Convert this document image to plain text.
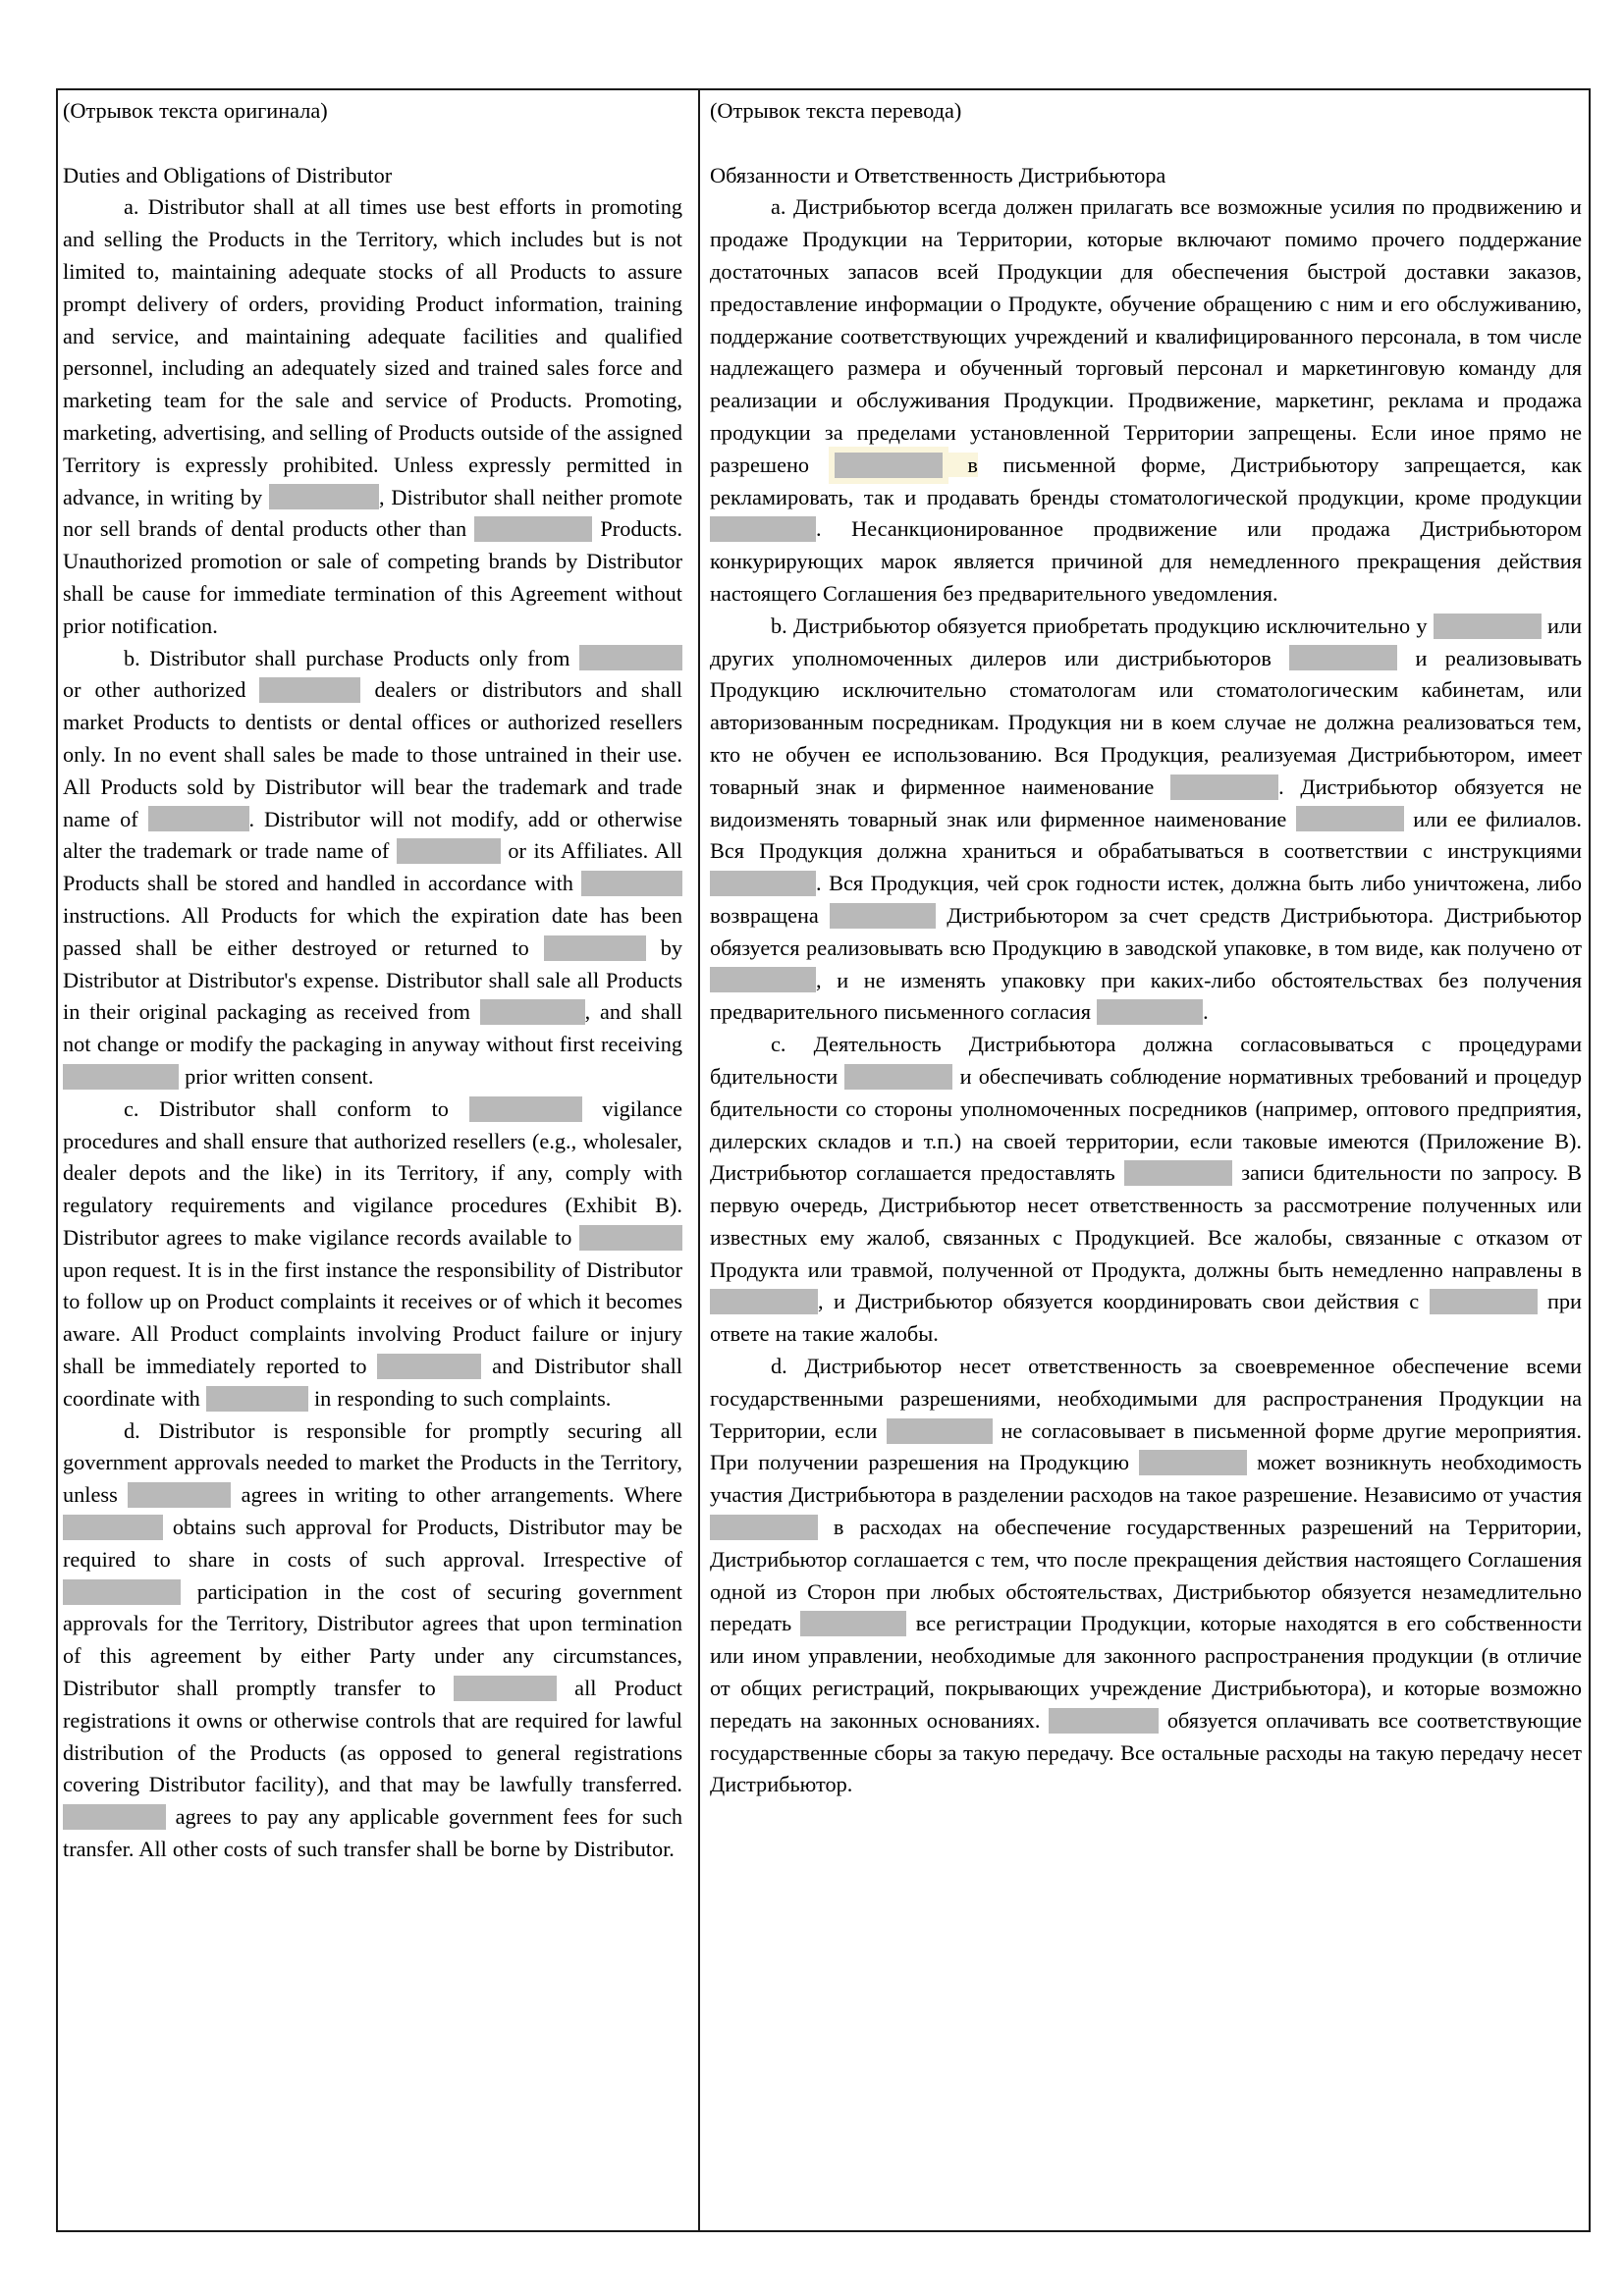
(Отрывок текста оригинала)

Duties and Obligations of Distributor

a. Distributor shall at all times use best efforts in promoting and selling the Products in the Territory, which includes but is not limited to, maintaining adequate stocks of all Products to assure prompt delivery of orders, providing Product information, training and service, and maintaining adequate facilities and qualified personnel, including an adequately sized and trained sales force and marketing team for the sale and service of Products. Promoting, marketing, advertising, and selling of Products outside of the assigned Territory is expressly prohibited. Unless expressly permitted in advance, in writing by	, Distributor shall neither promote nor sell brands of dental products other than	Products. Unauthorized promotion or sale of competing brands by Distributor shall be cause for immediate termination of this Agreement without prior notification.

b. Distributor shall purchase Products only from  or other authorized	dealers or distributors and shall market Products to dentists or dental offices or authorized resellers only. In no event shall sales be made to those untrained in their use. All Products sold by Distributor will bear the trademark and trade name of	. Distributor will not modify, add or otherwise alter the trademark or trade name of	or its Affiliates. All Products shall be stored and handled in accordance with  instructions. All Products for which the expiration date has been passed shall be either destroyed or returned to	by Distributor at Distributor's expense. Distributor shall sale all Products in their original packaging as received from	, and shall not change or modify the packaging in anyway without first receiving  prior written consent.

c. Distributor shall conform to	vigilance procedures and shall ensure that authorized resellers (e.g., wholesaler, dealer depots and the like) in its Territory, if any, comply with regulatory requirements and vigilance procedures (Exhibit B). Distributor agrees to make vigilance records available to  upon request. It is in the first instance the responsibility of Distributor to follow up on Product complaints it receives or of which it becomes aware. All Product complaints involving Product failure or injury shall be immediately reported to	and Distributor shall coordinate with	in responding to such complaints.

d. Distributor is responsible for promptly securing all government approvals needed to market the Products in the Territory, unless	agrees in writing to other arrangements. Where  obtains such approval for Products, Distributor may be required to share in costs of such approval. Irrespective of  participation in the cost of securing government approvals for the Territory, Distributor agrees that upon termination of this agreement by either Party under any circumstances, Distributor shall promptly transfer to	all Product registrations it owns or otherwise controls that are required for lawful distribution of the Products (as opposed to general registrations covering Distributor facility), and that may be lawfully transferred.  agrees to pay any applicable government fees for such transfer. All other costs of such transfer shall be borne by Distributor.

(Отрывок текста перевода)

Обязанности и Ответственность Дистрибьютора

a. Дистрибьютор всегда должен прилагать все возможные усилия по продвижению и продаже Продукции на Территории, которые включают помимо прочего поддержание достаточных запасов всей Продукции для обеспечения быстрой доставки заказов, предоставление информации о Продукте, обучение обращению с ним и его обслуживанию, поддержание соответствующих учреждений и квалифицированного персонала, в том числе надлежащего размера и обученный торговый персонал и маркетинговую команду для реализации и обслуживания Продукции. Продвижение, маркетинг, реклама и продажа продукции за пределами установленной Территории запрещены. Если иное прямо не разрешено	в письменной форме, Дистрибьютору запрещается, как рекламировать, так и продавать бренды стоматологической продукции, кроме продукции . Несанкционированное продвижение или продажа Дистрибьютором конкурирующих марок является причиной для немедленного прекращения действия настоящего Соглашения без предварительного уведомления.

b. Дистрибьютор обязуется приобретать продукцию исключительно у	или других уполномоченных дилеров или дистрибьюторов	и реализовывать Продукцию исключительно стоматологам или стоматологическим кабинетам, или авторизованным посредникам. Продукция ни в коем случае не должна реализоваться тем, кто не обучен ее использованию. Вся Продукция, реализуемая Дистрибьютором, имеет товарный знак и фирменное наименование	. Дистрибьютор обязуется не видоизменять товарный знак или фирменное наименование	или ее филиалов. Вся Продукция должна храниться и обрабатываться в соответствии с инструкциями . Вся Продукция, чей срок годности истек, должна быть либо уничтожена, либо возвращена	Дистрибьютором за счет средств Дистрибьютора. Дистрибьютор обязуется реализовывать всю Продукцию в заводской упаковке, в том виде, как получено от , и не изменять упаковку при каких-либо обстоятельствах без получения предварительного письменного согласия	.

c. Деятельность Дистрибьютора должна согласовываться с процедурами бдительности	и обеспечивать соблюдение нормативных требований и процедур бдительности со стороны уполномоченных посредников (например, оптового предприятия, дилерских складов и т.п.) на своей территории, если таковые имеются (Приложение B). Дистрибьютор соглашается предоставлять	записи бдительности по запросу. В первую очередь, Дистрибьютор несет ответственность за рассмотрение полученных или известных ему жалоб, связанных с Продукцией. Все жалобы, связанные с отказом от Продукта или травмой, полученной от Продукта, должны быть немедленно направлены в , и Дистрибьютор обязуется координировать свои действия с	при ответе на такие жалобы.

d. Дистрибьютор несет ответственность за своевременное обеспечение всеми государственными разрешениями, необходимыми для распространения Продукции на Территории, если	не согласовывает в письменной форме другие мероприятия. При получении разрешения на Продукцию	может возникнуть необходимость участия Дистрибьютора в разделении расходов на такое разрешение. Независимо от участия  в расходах на обеспечение государственных разрешений на Территории, Дистрибьютор соглашается с тем, что после прекращения действия настоящего Соглашения одной из Сторон при любых обстоятельствах, Дистрибьютор обязуется незамедлительно передать	все регистрации Продукции, которые находятся в его собственности или ином управлении, необходимые для законного распространения продукции (в отличие от общих регистраций, покрывающих учреждение Дистрибьютора), и которые возможно передать на законных основаниях.	обязуется оплачивать все соответствующие государственные сборы за такую передачу. Все остальные расходы на такую передачу несет Дистрибьютор.
